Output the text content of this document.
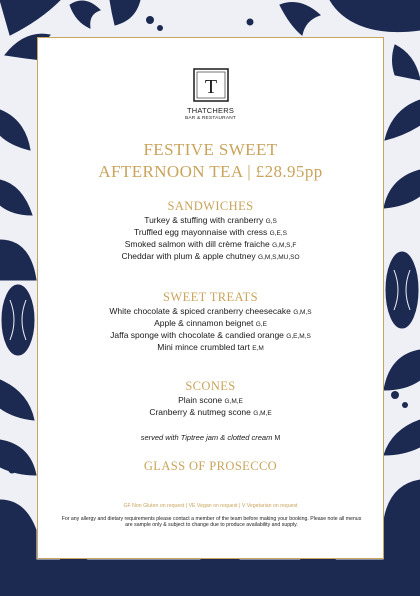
T
THATCHERS
BAR & RESTAURANT
FESTIVE SWEET
AFTERNOON TEA | £28.95pp
SANDWICHES
Turkey & stuffing with cranberry G,S
Truffled egg mayonnaise with cress G,E,S
Smoked salmon with dill crème fraiche G,M,S,F
Cheddar with plum & apple chutney G,M,S,MU,SO
SWEET TREATS
White chocolate & spiced cranberry cheesecake G,M,S
Apple & cinnamon beignet G,E
Jaffa sponge with chocolate & candied orange G,E,M,S
Mini mince crumbled tart E,M
SCONES
Plain scone G,M,E
Cranberry & nutmeg scone G,M,E
served with Tiptree jam & clotted cream M
GLASS OF PROSECCO
GF Non Gluten on request | VE Vegan on request | V Vegetarian on request
For any allergy and dietary requirements please contact a member of the team before making your booking. Please note all menus are sample only & subject to change due to produce availability and supply.
